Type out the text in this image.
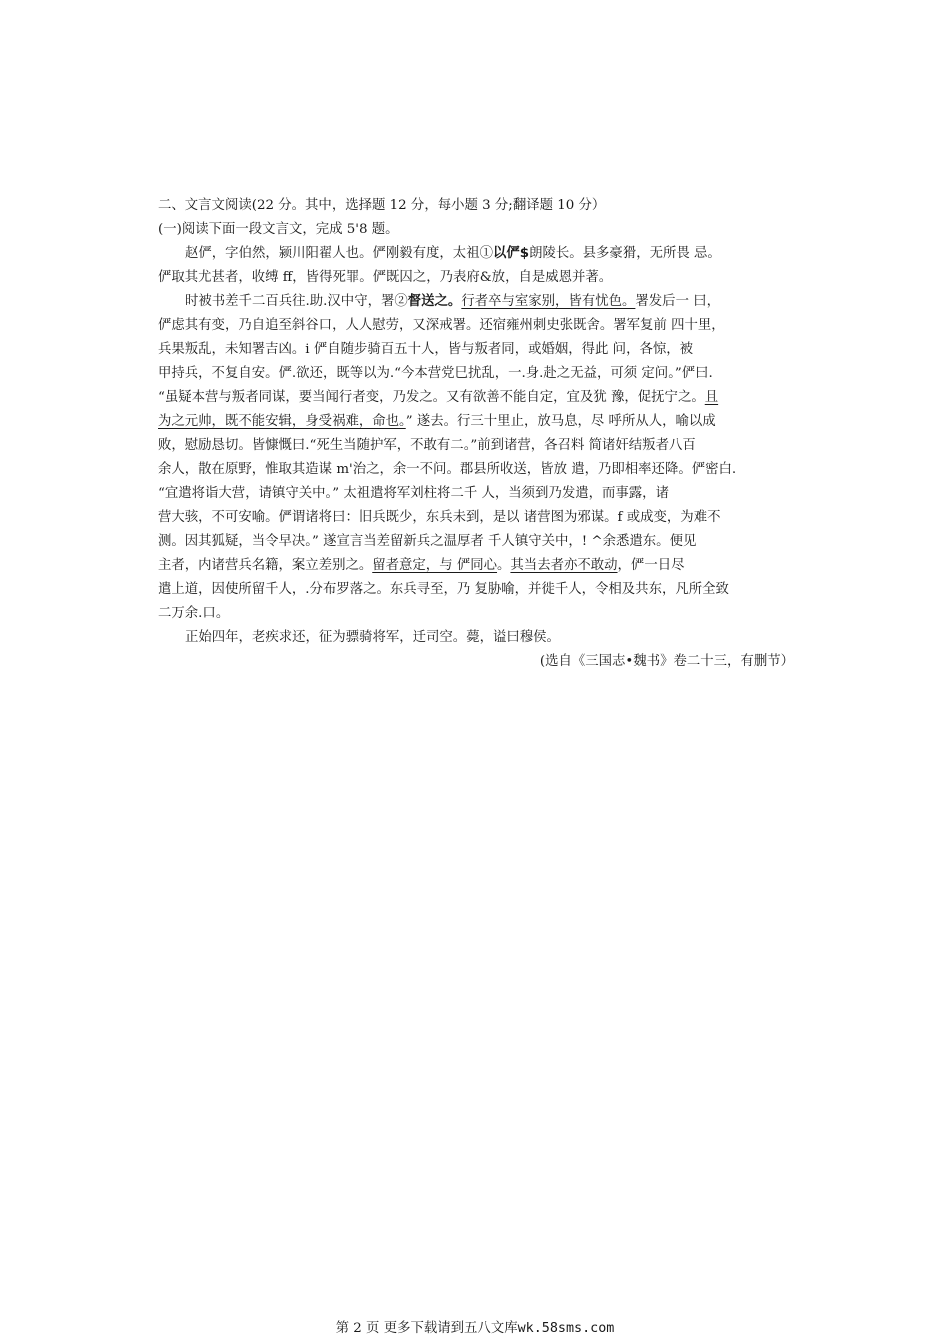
二、文言文阅读(22 分。其中，选择题 12 分，每小题 3 分;翻译题 10 分）
(一)阅读下面一段文言文，完成 5'8 题。
赵俨，字伯然，颍川阳翟人也。俨刚毅有度，太祖①以俨$朗陵长。县多豪猾，无所畏 忌。
俨取其尤甚者，收缚 ff，皆得死罪。俨既囚之，乃表府&放，自是威恩并著。
时被书差千二百兵往.助.汉中守，署②督送之。行者卒与室家别，皆有忧色。署发后一 曰，
俨虑其有变，乃自追至斜谷口，人人慰劳，又深戒署。还宿雍州刺史张既舍。署军复前 四十里，
兵果叛乱，未知署吉凶。i 俨自随步骑百五十人，皆与叛者同，或婚姻，得此 问，各惊，被
甲持兵，不复自安。俨.欲还，既等以为.“今本营党巳扰乱，一.身.赴之无益，可须 定问。”俨曰.
“虽疑本营与叛者同谋，要当闻行者变，乃发之。又有欲善不能自定，宜及犹 豫，促抚宁之。且
为之元帅，既不能安辑，身受祸难，命也。” 遂去。行三十里止，放马息，尽 呼所从人，喻以成
败，慰励恳切。皆慷慨曰.“死生当随护军，不敢有二。”前到诸营，各召料 简诸奸结叛者八百
余人，散在原野，惟取其造谋 m'治之，余一不问。郡县所收送，皆放 遣，乃即相率还降。俨密白.
“宜遣将诣大营，请镇守关中。” 太祖遣将军刘柱将二千 人，当须到乃发遣，而事露，诸
营大骇，不可安喻。俨谓诸将曰：旧兵既少，东兵未到，是以 诸营图为邪谋。f 或成变，为难不
测。因其狐疑，当令早决。” 遂宣言当差留新兵之温厚者 千人镇守关中，! ^余悉遣东。便见
主者，内诸营兵名籍，案立差别之。留者意定，与 俨同心。其当去者亦不敢动，俨一日尽
遣上道，因使所留千人，.分布罗落之。东兵寻至，乃 复胁喻，并徙千人，令相及共东，凡所全致
二万余.口。
正始四年，老疾求还，征为骠骑将军，迁司空。薨，谥曰穆侯。
(选自《三国志•魏书》卷二十三，有删节）
第 2 页 更多下载请到五八文库wk.58sms.com
